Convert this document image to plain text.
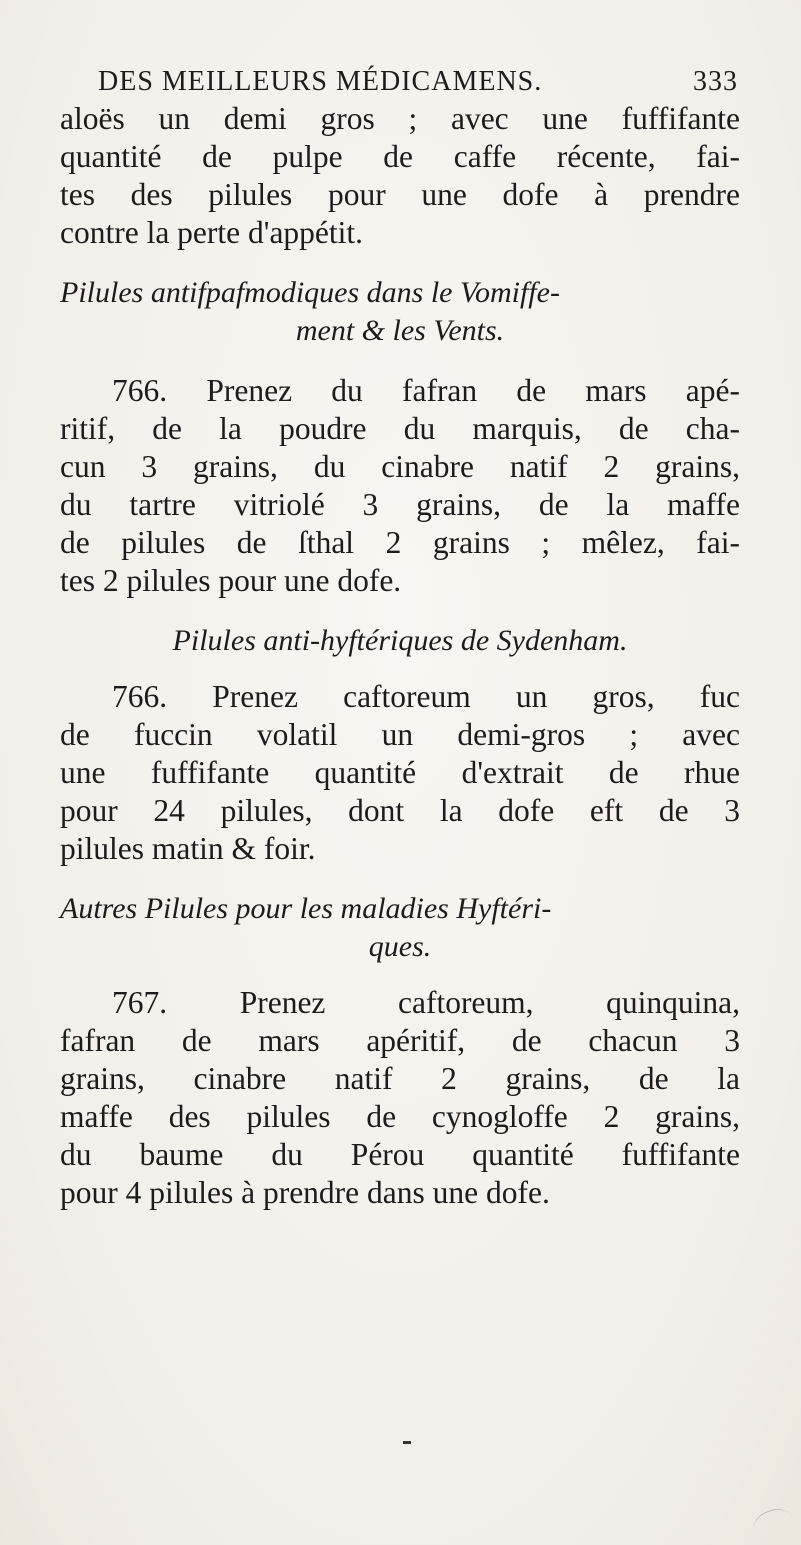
DES MEILLEURS MÉDICAMENS.	333
aloës un demi gros ; avec une fuffifante
quantité de pulpe de caffe récente, fai-
tes des pilules pour une dofe à prendre
contre la perte d'appétit.
Pilules antifpafmodiques dans le Vomiffe-
ment & les Vents.
766. Prenez du fafran de mars apé-
ritif, de la poudre du marquis, de cha-
cun 3 grains, du cinabre natif 2 grains,
du tartre vitriolé 3 grains, de la maffe
de pilules de ſthal 2 grains ; mêlez, fai-
tes 2 pilules pour une dofe.
Pilules anti-hyftériques de Sydenham.
766. Prenez caftoreum un gros, fuc
de fuccin volatil un demi-gros ; avec
une fuffifante quantité d'extrait de rhue
pour 24 pilules, dont la dofe eft de 3
pilules matin & foir.
Autres Pilules pour les maladies Hyftéri-
ques.
767. Prenez caftoreum, quinquina,
fafran de mars apéritif, de chacun 3
grains, cinabre natif 2 grains, de la
maffe des pilules de cynogloffe 2 grains,
du baume du Pérou quantité fuffifante
pour 4 pilules à prendre dans une dofe.
